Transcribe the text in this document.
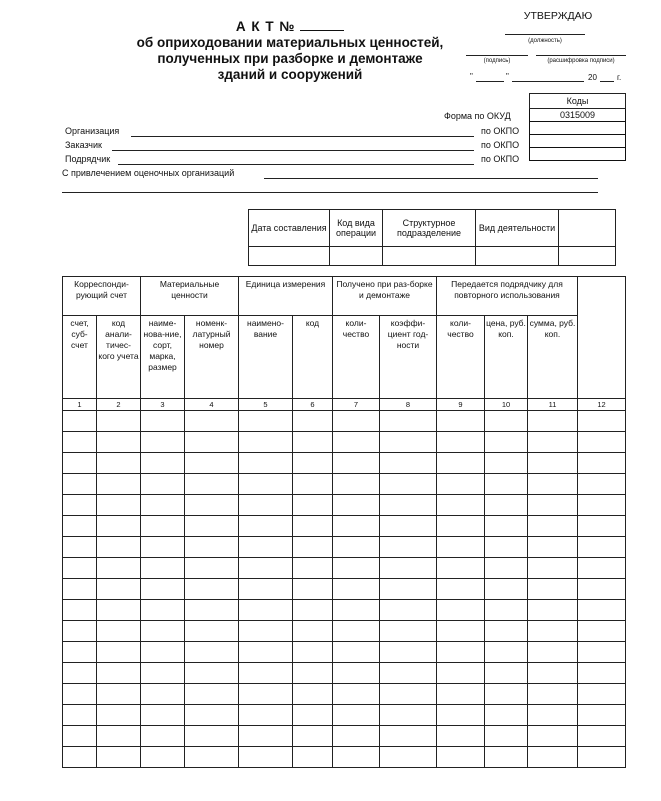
А К Т №
об оприходовании материальных ценностей,
полученных при разборке и демонтаже
зданий и сооружений
УТВЕРЖДАЮ
(должность)
(подпись)	(расшифровка подписи)
"	"	20	г.
Коды
0315009

Форма по ОКУД
Организация	по ОКПО
Заказчик	по ОКПО
Подрядчик	по ОКПО
С привлечением оценочных организаций
Дата составления	Код вида операции	Структурное подразделение	Вид деятельности	

Корреспонди-рующий счет		Материальные ценности		Единица измерения		Получено при раз-борке и демонтаже		Передается подрядчику для повторного использования			
счет, суб-счет	код анали-тичес-кого учета	наиме-нова-ние, сорт, марка, размер	номенк-латурный номер	наимено-вание	код	коли-чество	коэффи-циент год-ности	коли-чество	цена, руб. коп.	сумма, руб. коп.	
1	2	3	4	5	6	7	8	9	10	11	12
